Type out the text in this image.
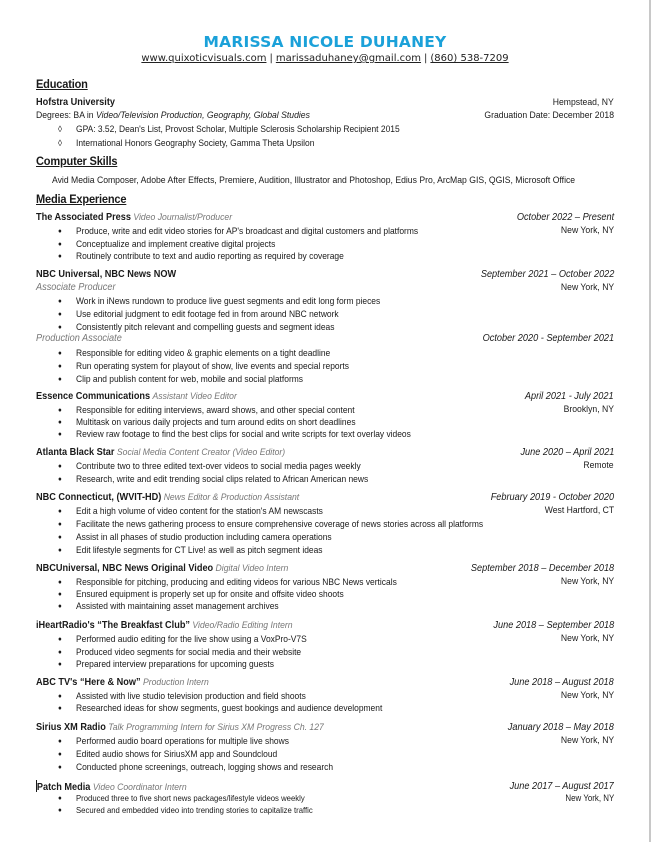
MARISSA NICOLE DUHANEY
www.quixoticvisuals.com | marissaduhaney@gmail.com | (860) 538-7209
Education
Hofstra University	Hempstead, NY
Degrees: BA in Video/Television Production, Geography, Global Studies	Graduation Date: December 2018
◊ GPA: 3.52, Dean's List, Provost Scholar, Multiple Sclerosis Scholarship Recipient 2015
◊ International Honors Geography Society, Gamma Theta Upsilon
Computer Skills
Avid Media Composer, Adobe After Effects, Premiere, Audition, Illustrator and Photoshop, Edius Pro, ArcMap GIS, QGIS, Microsoft Office
Media Experience
The Associated Press Video Journalist/Producer	October 2022 – Present
New York, NY
● Produce, write and edit video stories for AP's broadcast and digital customers and platforms
● Conceptualize and implement creative digital projects
● Routinely contribute to text and audio reporting as required by coverage
NBC Universal, NBC News NOW	September 2021 – October 2022
Associate Producer	New York, NY
● Work in iNews rundown to produce live guest segments and edit long form pieces
● Use editorial judgment to edit footage fed in from around NBC network
● Consistently pitch relevant and compelling guests and segment ideas
Production Associate	October 2020 - September 2021
● Responsible for editing video & graphic elements on a tight deadline
● Run operating system for playout of show, live events and special reports
● Clip and publish content for web, mobile and social platforms
Essence Communications Assistant Video Editor	April 2021 - July 2021
Brooklyn, NY
● Responsible for editing interviews, award shows, and other special content
● Multitask on various daily projects and turn around edits on short deadlines
● Review raw footage to find the best clips for social and write scripts for text overlay videos
Atlanta Black Star Social Media Content Creator (Video Editor)	June 2020 – April 2021
Remote
● Contribute two to three edited text-over videos to social media pages weekly
● Research, write and edit trending social clips related to African American news
NBC Connecticut, (WVIT-HD) News Editor & Production Assistant	February 2019 - October 2020
West Hartford, CT
● Edit a high volume of video content for the station's AM newscasts
● Facilitate the news gathering process to ensure comprehensive coverage of news stories across all platforms
● Assist in all phases of studio production including camera operations
● Edit lifestyle segments for CT Live! as well as pitch segment ideas
NBCUniversal, NBC News Original Video Digital Video Intern	September 2018 – December 2018
New York, NY
● Responsible for pitching, producing and editing videos for various NBC News verticals
● Ensured equipment is properly set up for onsite and offsite video shoots
● Assisted with maintaining asset management archives
iHeartRadio's “The Breakfast Club” Video/Radio Editing Intern	June 2018 – September 2018
New York, NY
● Performed audio editing for the live show using a VoxPro-V7S
● Produced video segments for social media and their website
● Prepared interview preparations for upcoming guests
ABC TV's “Here & Now” Production Intern	June 2018 – August 2018
New York, NY
● Assisted with live studio television production and field shoots
● Researched ideas for show segments, guest bookings and audience development
Sirius XM Radio Talk Programming Intern for Sirius XM Progress Ch. 127	January 2018 – May 2018
New York, NY
● Performed audio board operations for multiple live shows
● Edited audio shows for SiriusXM app and Soundcloud
● Conducted phone screenings, outreach, logging shows and research
Patch Media Video Coordinator Intern	June 2017 – August 2017
New York, NY
● Produced three to five short news packages/lifestyle videos weekly
● Secured and embedded video into trending stories to capitalize traffic
